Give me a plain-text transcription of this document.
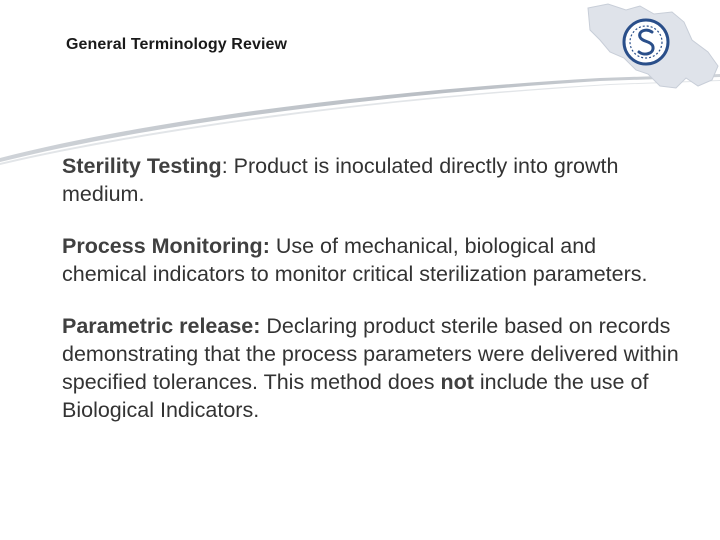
General Terminology Review

Sterility Testing: Product is inoculated directly into growth medium.

Process Monitoring: Use of mechanical, biological and chemical indicators to monitor critical sterilization parameters.

Parametric release: Declaring product sterile based on records demonstrating that the process parameters were delivered within specified tolerances. This method does not include the use of Biological Indicators.
